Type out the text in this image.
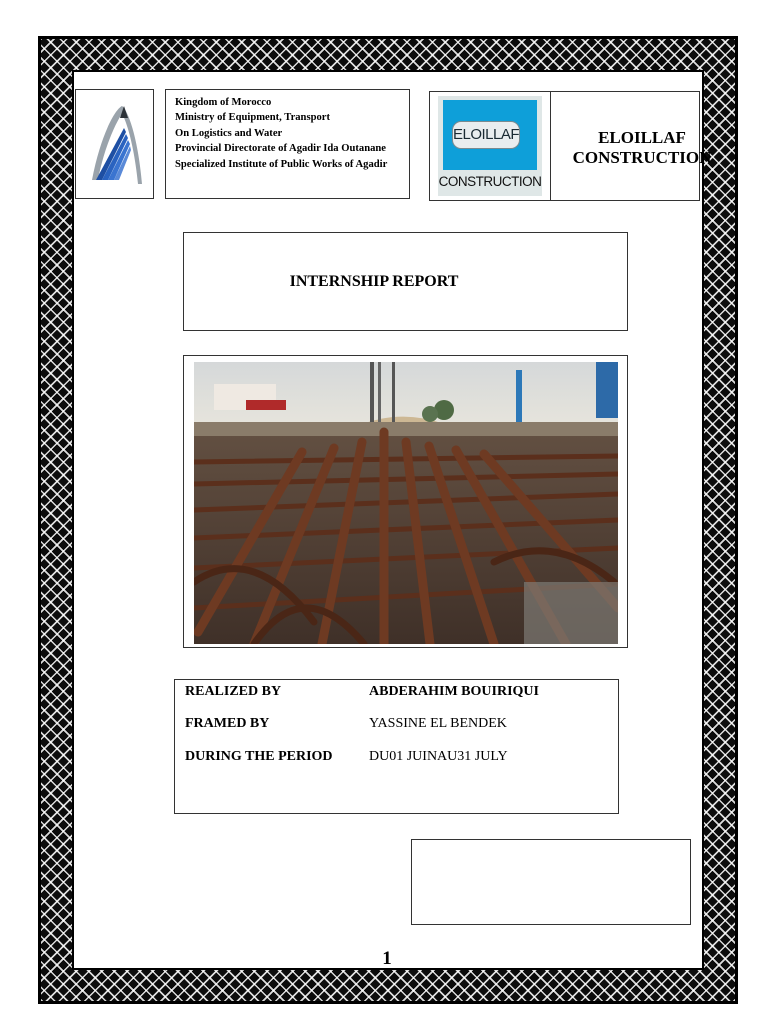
Kingdom of Morocco
Ministry of Equipment, Transport
On Logistics and Water
Provincial Directorate of Agadir Ida Outanane
Specialized Institute of Public Works of Agadir
ELOILLAF
CONSTRUCTION
ELOILLAF
CONSTRUCTION
INTERNSHIP REPORT
REALIZED BY	ABDERAHIM BOUIRIQUI
FRAMED BY	YASSINE EL BENDEK
DURING THE PERIOD	DU01 JUINAU31 JULY
1
